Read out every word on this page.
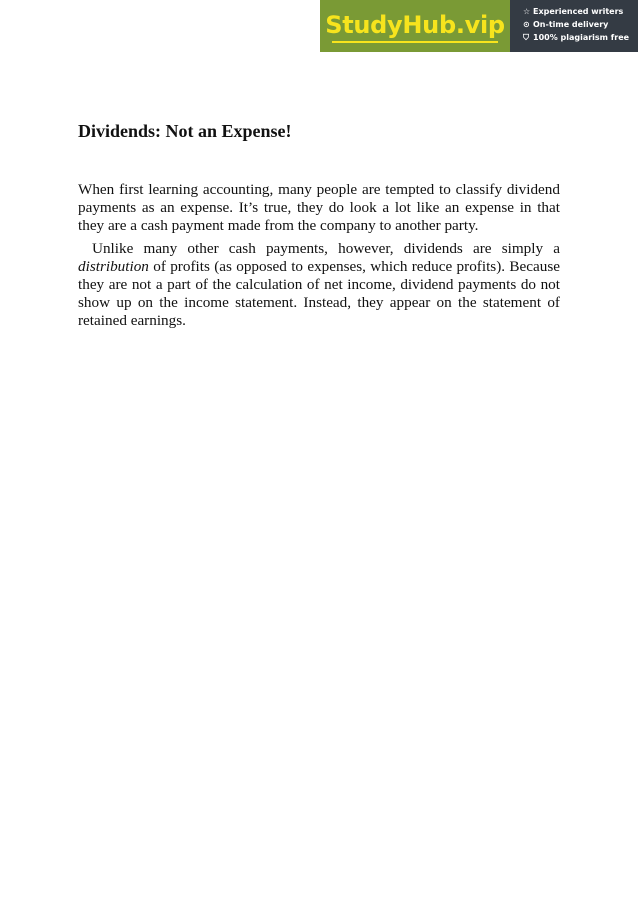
StudyHub.vip ☆ Experienced writers
⊙ On-time delivery
⛉ 100% plagiarism free
Dividends: Not an Expense!

When first learning accounting, many people are tempted to classify dividend payments as an expense. It’s true, they do look a lot like an expense in that they are a cash payment made from the company to another party.

Unlike many other cash payments, however, dividends are simply a distribution of profits (as opposed to expenses, which reduce profits). Because they are not a part of the calculation of net income, dividend payments do not show up on the income statement. Instead, they appear on the statement of retained earnings.
